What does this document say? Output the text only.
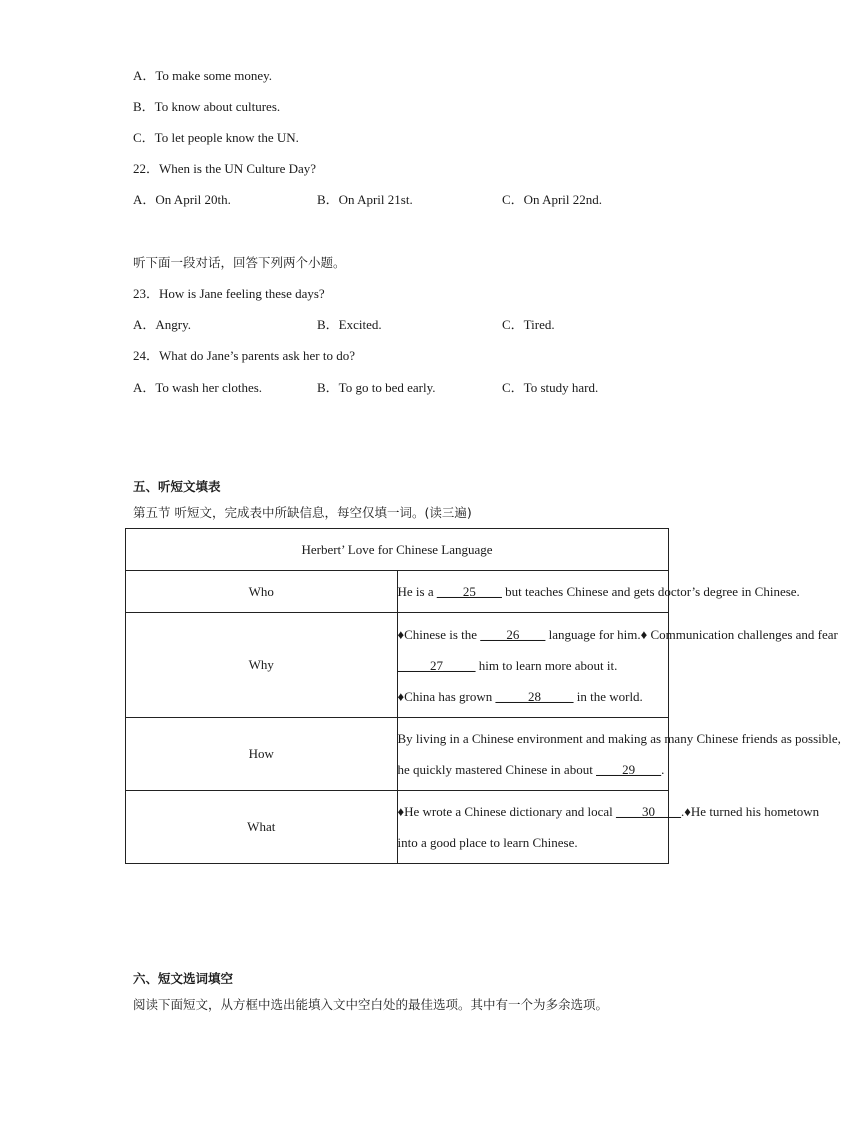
A．To make some money.
B．To know about cultures.
C．To let people know the UN.
22．When is the UN Culture Day?
A．On April 20th.	B．On April 21st.	C．On April 22nd.
听下面一段对话，回答下列两个小题。
23．How is Jane feeling these days?
A．Angry.	B．Excited.	C．Tired.
24．What do Jane’s parents ask her to do?
A．To wash her clothes.	B．To go to bed early.	C．To study hard.
五、听短文填表
第五节 听短文，完成表中所缺信息，每空仅填一词。(读三遍)
Herbert’ Love for Chinese Language	
Who	He is a ____25____ but teaches Chinese and gets doctor’s degree in Chinese.

Why	♦Chinese is the ____26____ language for him.♦ Communication challenges and fear
_____27_____ him to learn more about it.
♦China has grown _____28_____ in the world.

How	By living in a Chinese environment and making as many Chinese friends as possible,
he quickly mastered Chinese in about ____29____.

What	♦He wrote a Chinese dictionary and local ____30____.♦He turned his hometown
into a good place to learn Chinese.
六、短文选词填空
阅读下面短文，从方框中选出能填入文中空白处的最佳选项。其中有一个为多余选项。
